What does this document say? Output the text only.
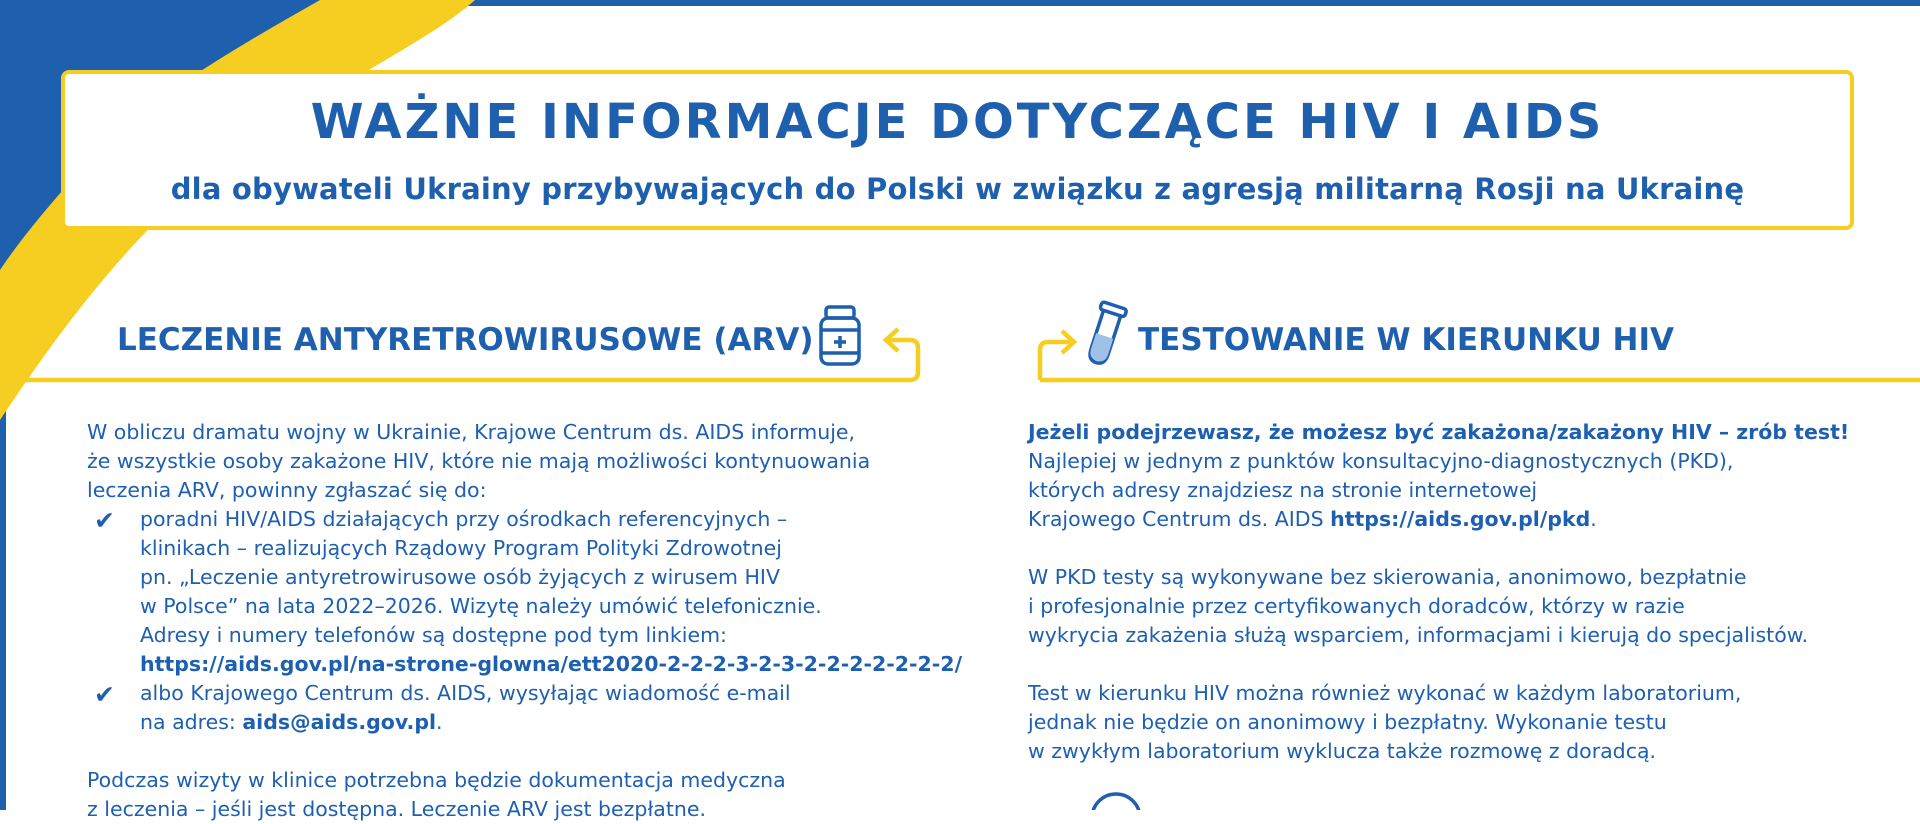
WAŻNE INFORMACJE DOTYCZĄCE HIV I AIDS
dla obywateli Ukrainy przybywających do Polski w związku z agresją militarną Rosji na Ukrainę
LECZENIE ANTYRETROWIRUSOWE (ARV)	TESTOWANIE W KIERUNKU HIV

W obliczu dramatu wojny w Ukrainie, Krajowe Centrum ds. AIDS informuje,

że wszystkie osoby zakażone HIV, które nie mają możliwości kontynuowania

leczenia ARV, powinny zgłaszać się do:

✔ poradni HIV/AIDS działających przy ośrodkach referencyjnych –

klinikach – realizujących Rządowy Program Polityki Zdrowotnej

pn. „Leczenie antyretrowirusowe osób żyjących z wirusem HIV

w Polsce” na lata 2022–2026. Wizytę należy umówić telefonicznie.

Adresy i numery telefonów są dostępne pod tym linkiem:

https://aids.gov.pl/na-strone-glowna/ett2020-2-2-2-3-2-3-2-2-2-2-2-2-2/

✔ albo Krajowego Centrum ds. AIDS, wysyłając wiadomość e-mail

na adres: aids@aids.gov.pl.

Podczas wizyty w klinice potrzebna będzie dokumentacja medyczna

z leczenia – jeśli jest dostępna. Leczenie ARV jest bezpłatne.

Jeżeli podejrzewasz, że możesz być zakażona/zakażony HIV – zrób test!

Najlepiej w jednym z punktów konsultacyjno-diagnostycznych (PKD),

których adresy znajdziesz na stronie internetowej

Krajowego Centrum ds. AIDS https://aids.gov.pl/pkd.

W PKD testy są wykonywane bez skierowania, anonimowo, bezpłatnie

i profesjonalnie przez certyfikowanych doradców, którzy w razie

wykrycia zakażenia służą wsparciem, informacjami i kierują do specjalistów.

Test w kierunku HIV można również wykonać w każdym laboratorium,

jednak nie będzie on anonimowy i bezpłatny. Wykonanie testu

w zwykłym laboratorium wyklucza także rozmowę z doradcą.
